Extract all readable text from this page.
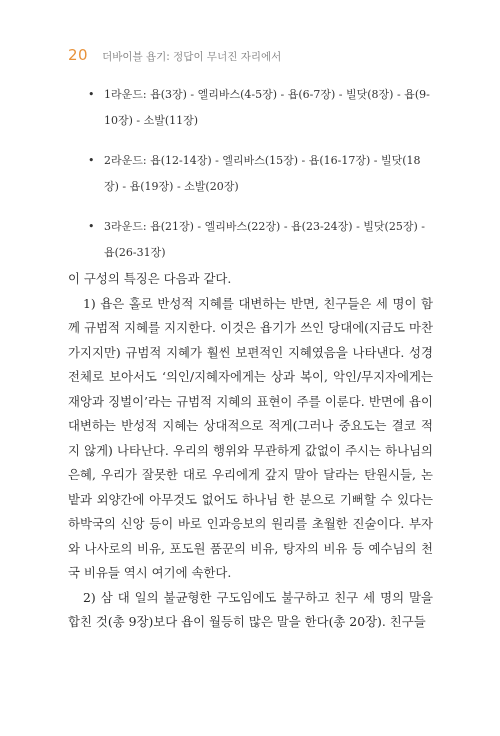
20 더바이블 욥기: 정답이 무너진 자리에서
• 1라운드: 욥(3장) - 엘리바스(4-5장) - 욥(6-7장) - 빌닷(8장) - 욥(9-10장) - 소발(11장)
• 2라운드: 욥(12-14장) - 엘리바스(15장) - 욥(16-17장) - 빌닷(18장) - 욥(19장) - 소발(20장)
• 3라운드: 욥(21장) - 엘리바스(22장) - 욥(23-24장) - 빌닷(25장) - 욥(26-31장)

이 구성의 특징은 다음과 같다.

1) 욥은 홀로 반성적 지혜를 대변하는 반면, 친구들은 세 명이 함께 규범적 지혜를 지지한다. 이것은 욥기가 쓰인 당대에(지금도 마찬가지지만) 규범적 지혜가 훨씬 보편적인 지혜였음을 나타낸다. 성경 전체로 보아서도 ‘의인/지혜자에게는 상과 복이, 악인/무지자에게는 재앙과 징벌이’라는 규범적 지혜의 표현이 주를 이룬다. 반면에 욥이 대변하는 반성적 지혜는 상대적으로 적게(그러나 중요도는 결코 적지 않게) 나타난다. 우리의 행위와 무관하게 값없이 주시는 하나님의 은혜, 우리가 잘못한 대로 우리에게 갚지 말아 달라는 탄원시들, 논밭과 외양간에 아무것도 없어도 하나님 한 분으로 기뻐할 수 있다는 하박국의 신앙 등이 바로 인과응보의 원리를 초월한 진술이다. 부자와 나사로의 비유, 포도원 품꾼의 비유, 탕자의 비유 등 예수님의 천국 비유들 역시 여기에 속한다.

2) 삼 대 일의 불균형한 구도임에도 불구하고 친구 세 명의 말을 합친 것(총 9장)보다 욥이 월등히 많은 말을 한다(총 20장). 친구들
